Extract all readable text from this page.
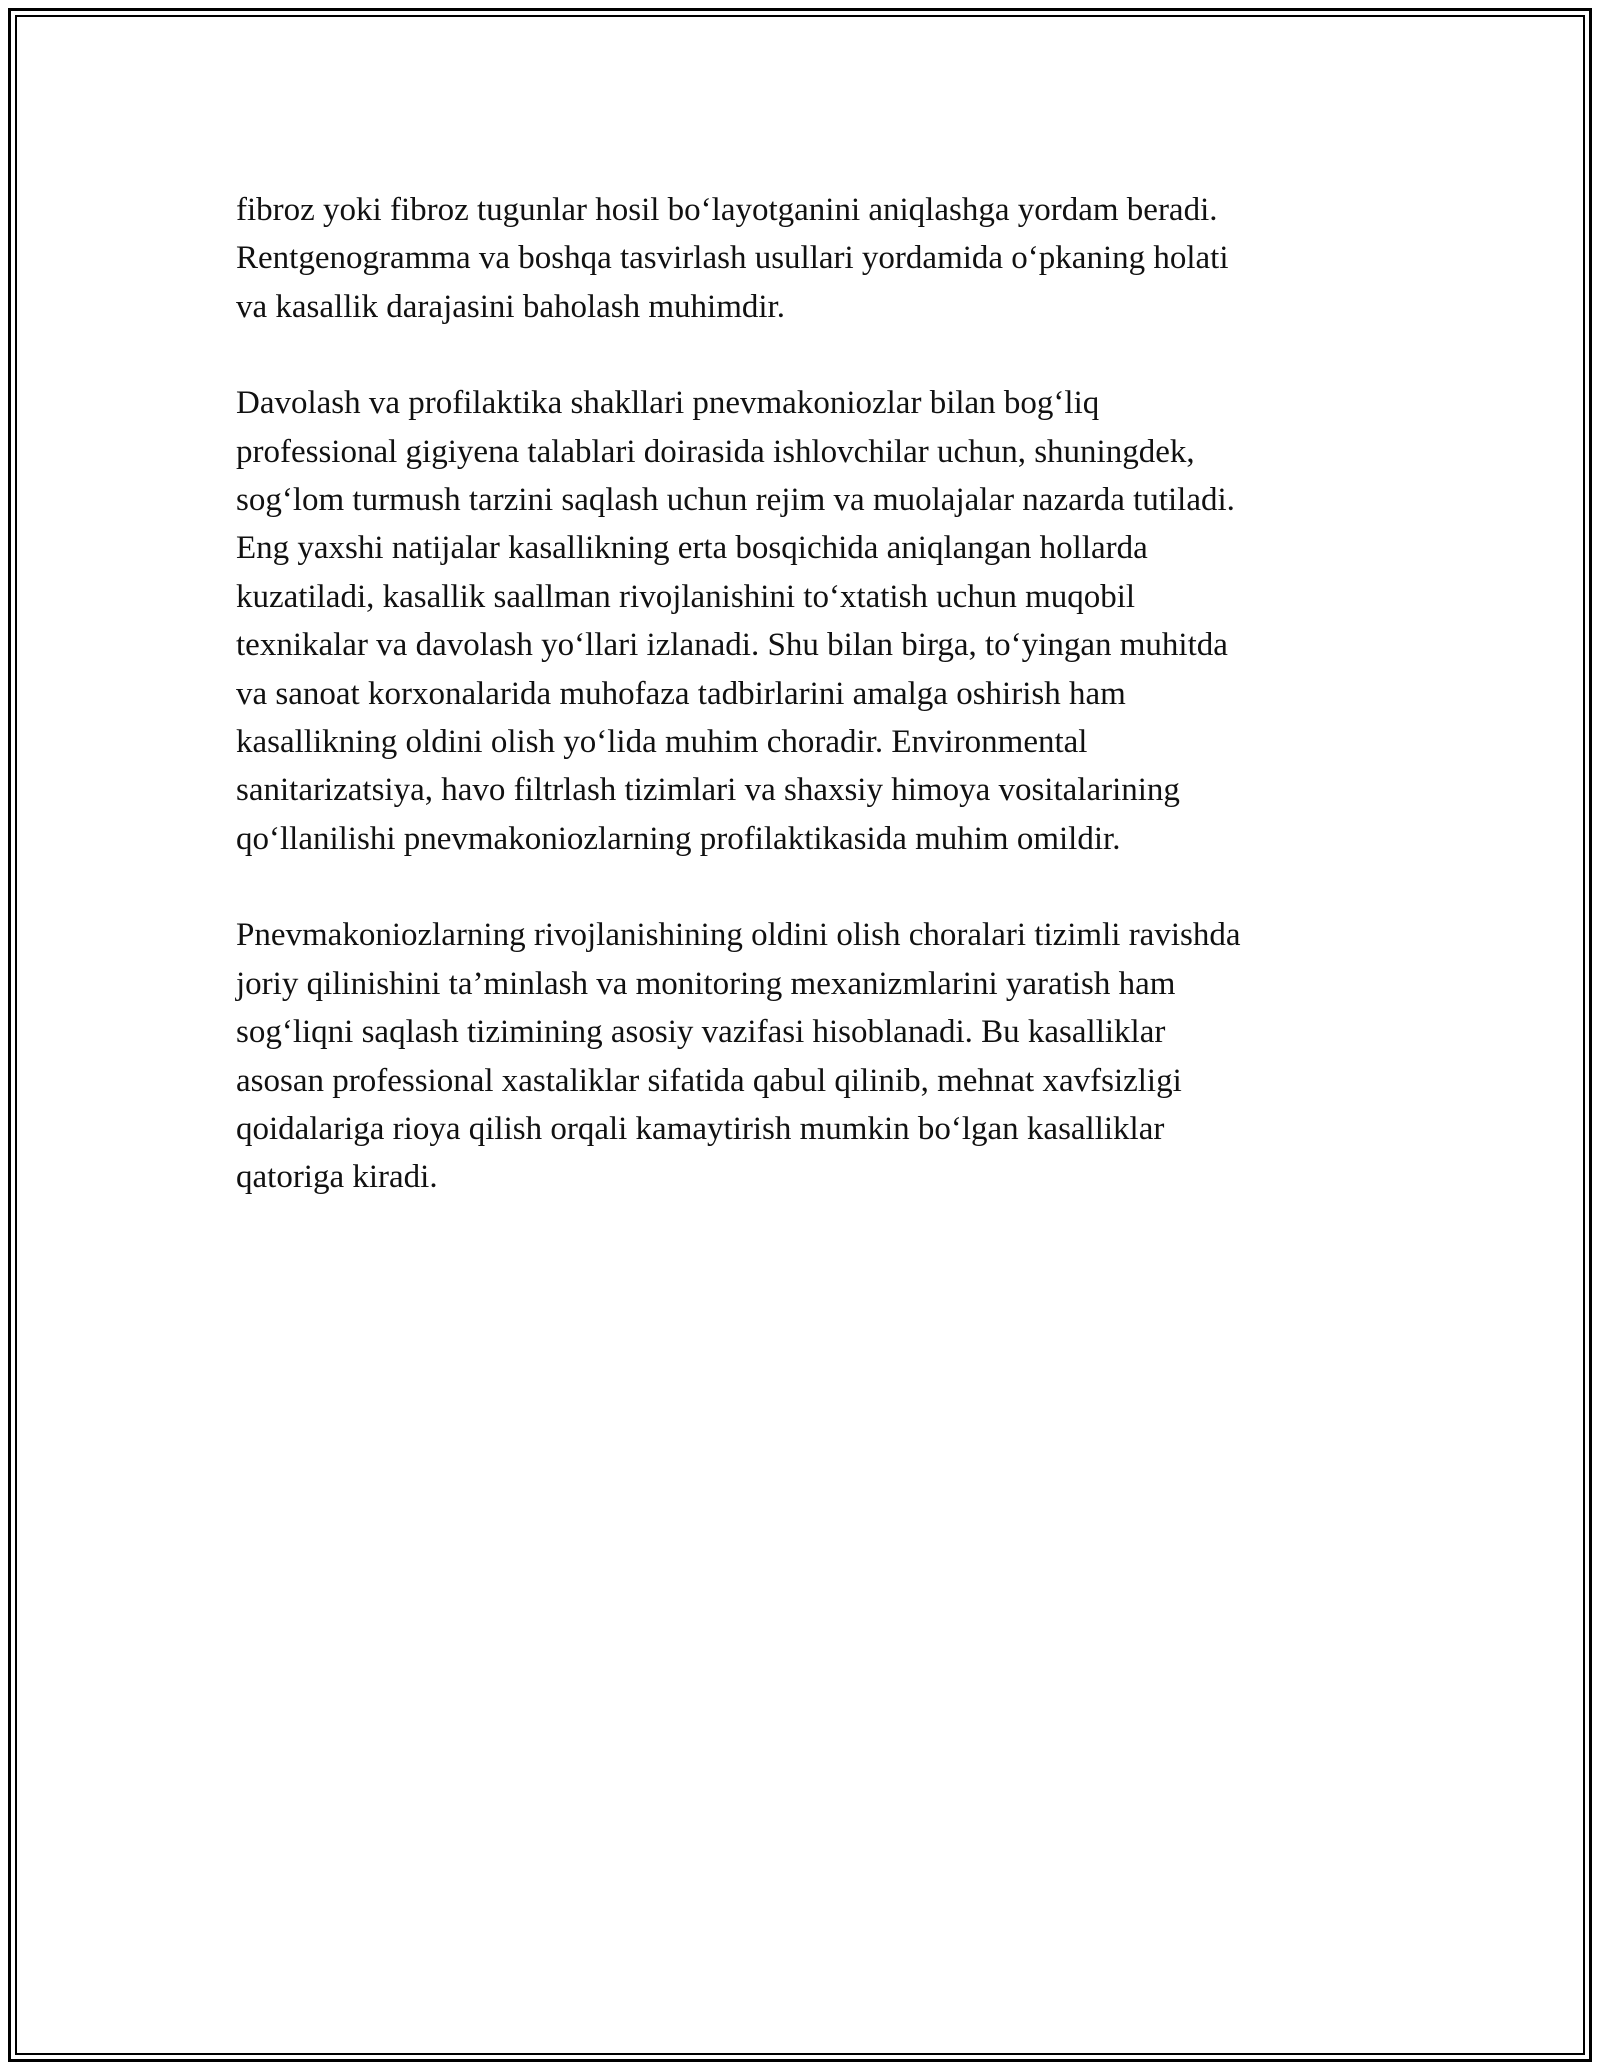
fibroz yoki fibroz tugunlar hosil bo‘layotganini aniqlashga yordam beradi.
Rentgenogramma va boshqa tasvirlash usullari yordamida o‘pkaning holati
va kasallik darajasini baholash muhimdir.

Davolash va profilaktika shakllari pnevmakoniozlar bilan bog‘liq
professional gigiyena talablari doirasida ishlovchilar uchun, shuningdek,
sog‘lom turmush tarzini saqlash uchun rejim va muolajalar nazarda tutiladi.
Eng yaxshi natijalar kasallikning erta bosqichida aniqlangan hollarda
kuzatiladi, kasallik saallman rivojlanishini to‘xtatish uchun muqobil
texnikalar va davolash yo‘llari izlanadi. Shu bilan birga, to‘yingan muhitda
va sanoat korxonalarida muhofaza tadbirlarini amalga oshirish ham
kasallikning oldini olish yo‘lida muhim choradir. Environmental
sanitarizatsiya, havo filtrlash tizimlari va shaxsiy himoya vositalarining
qo‘llanilishi pnevmakoniozlarning profilaktikasida muhim omildir.

Pnevmakoniozlarning rivojlanishining oldini olish choralari tizimli ravishda
joriy qilinishini ta’minlash va monitoring mexanizmlarini yaratish ham
sog‘liqni saqlash tizimining asosiy vazifasi hisoblanadi. Bu kasalliklar
asosan professional xastaliklar sifatida qabul qilinib, mehnat xavfsizligi
qoidalariga rioya qilish orqali kamaytirish mumkin bo‘lgan kasalliklar
qatoriga kiradi.
